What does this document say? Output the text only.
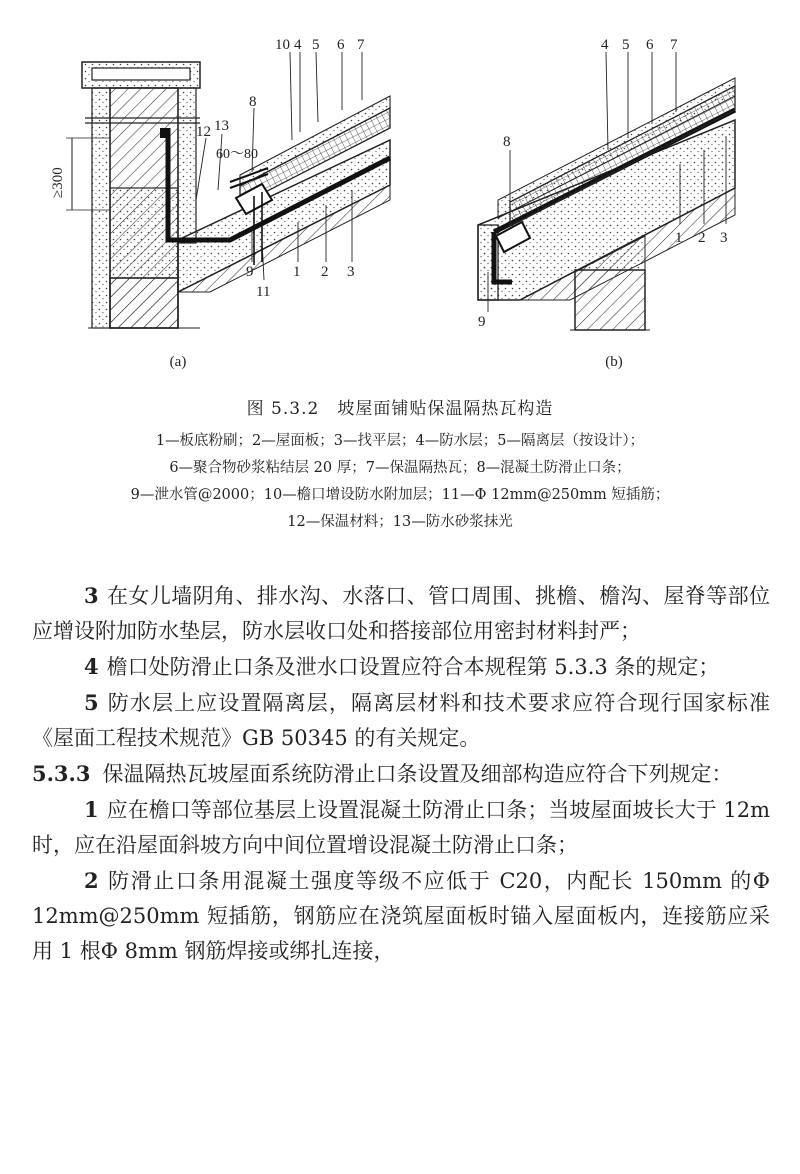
10 4 5 6 7
8
12 13
60～80
9
11
1 2 3
≥300
(a)
4 5 6 7
8
9
1 2 3
(b)
图 5.3.2　坡屋面铺贴保温隔热瓦构造
1—板底粉刷；2—屋面板；3—找平层；4—防水层；5—隔离层（按设计）；
6—聚合物砂浆粘结层 20 厚；7—保温隔热瓦；8—混凝土防滑止口条；
9—泄水管@2000；10—檐口增设防水附加层；11—Φ 12mm@250mm 短插筋；
12—保温材料；13—防水砂浆抹光

3 在女儿墙阴角、排水沟、水落口、管口周围、挑檐、檐沟、屋脊等部位应增设附加防水垫层，防水层收口处和搭接部位用密封材料封严；

4 檐口处防滑止口条及泄水口设置应符合本规程第 5.3.3 条的规定；

5 防水层上应设置隔离层，隔离层材料和技术要求应符合现行国家标准《屋面工程技术规范》GB 50345 的有关规定。

5.3.3 保温隔热瓦坡屋面系统防滑止口条设置及细部构造应符合下列规定：

1 应在檐口等部位基层上设置混凝土防滑止口条；当坡屋面坡长大于 12m 时，应在沿屋面斜坡方向中间位置增设混凝土防滑止口条；

2 防滑止口条用混凝土强度等级不应低于 C20，内配长 150mm 的Φ 12mm@250mm 短插筋，钢筋应在浇筑屋面板时锚入屋面板内，连接筋应采用 1 根Φ 8mm 钢筋焊接或绑扎连接，
